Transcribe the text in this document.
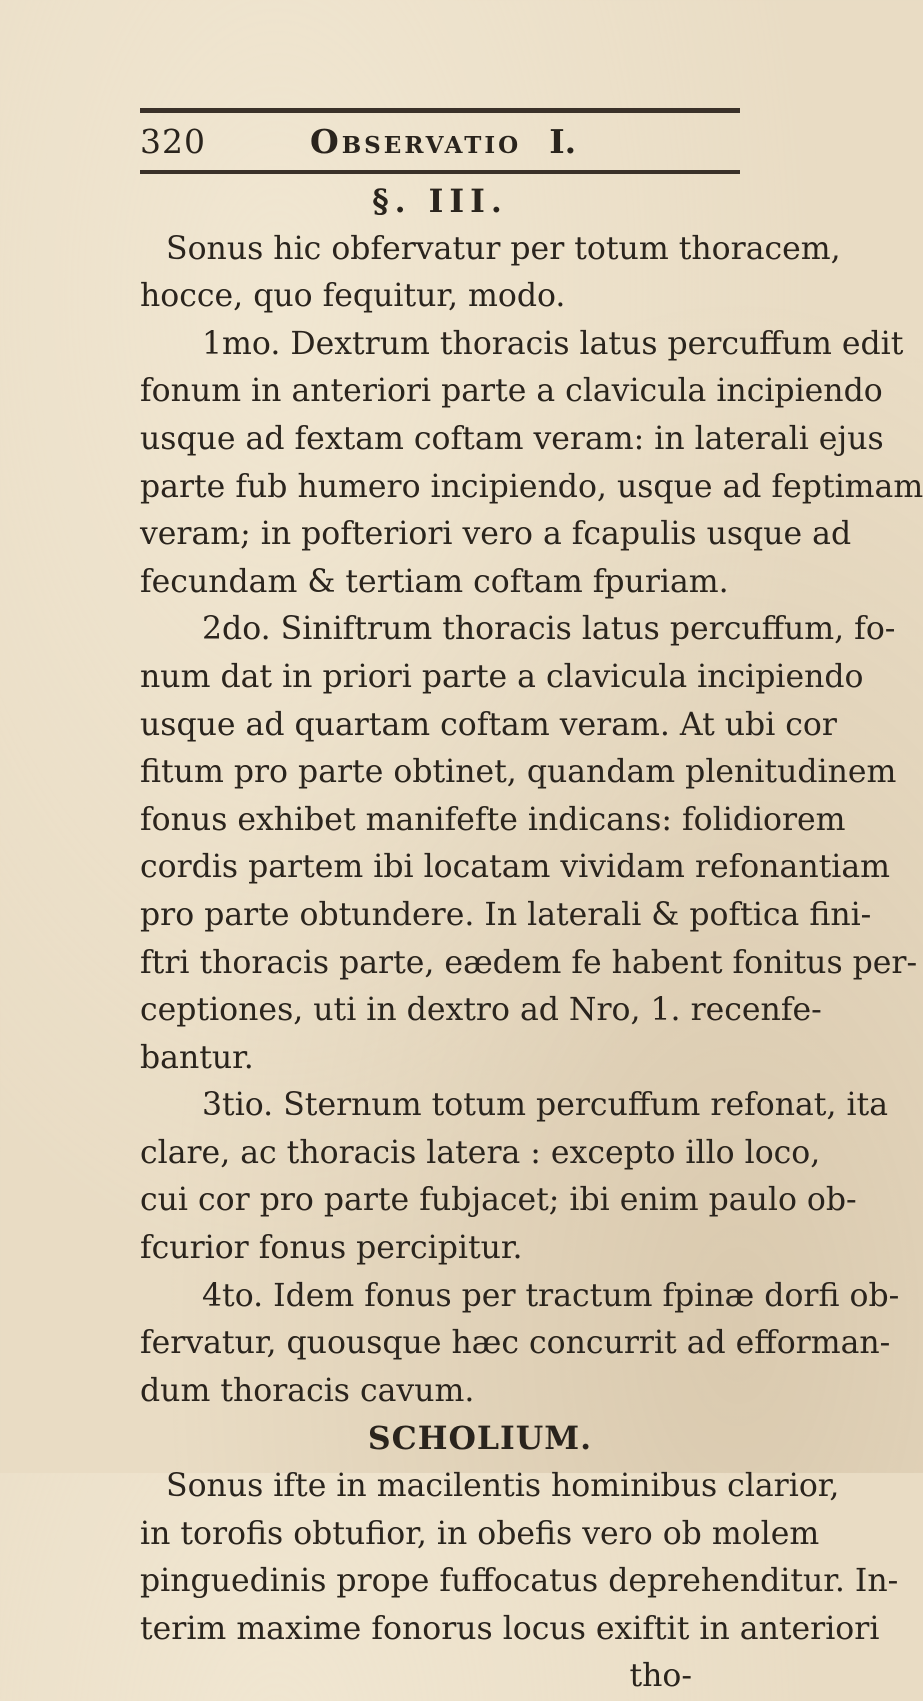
320	Observatio I.
§. III.
Sonus hic obfervatur per totum thoracem,
hocce, quo fequitur, modo.
1mo. Dextrum thoracis latus percuffum edit
fonum in anteriori parte a clavicula incipiendo
usque ad fextam coftam veram: in laterali ejus
parte fub humero incipiendo, usque ad feptimam
veram; in pofteriori vero a fcapulis usque ad
fecundam & tertiam coftam fpuriam.
2do. Siniftrum thoracis latus percuffum, fo-
num dat in priori parte a clavicula incipiendo
usque ad quartam coftam veram. At ubi cor
fitum pro parte obtinet, quandam plenitudinem
fonus exhibet manifefte indicans: folidiorem
cordis partem ibi locatam vividam refonantiam
pro parte obtundere. In laterali & poftica fini-
ftri thoracis parte, eædem fe habent fonitus per-
ceptiones, uti in dextro ad Nro, 1. recenfe-
bantur.
3tio. Sternum totum percuffum refonat, ita
clare, ac thoracis latera : excepto illo loco,
cui cor pro parte fubjacet; ibi enim paulo ob-
fcurior fonus percipitur.
4to. Idem fonus per tractum fpinæ dorfi ob-
fervatur, quousque hæc concurrit ad efforman-
dum thoracis cavum.
SCHOLIUM.
Sonus ifte in macilentis hominibus clarior,
in torofis obtufior, in obefis vero ob molem
pinguedinis prope fuffocatus deprehenditur. In-
terim maxime fonorus locus exiftit in anteriori
tho-
